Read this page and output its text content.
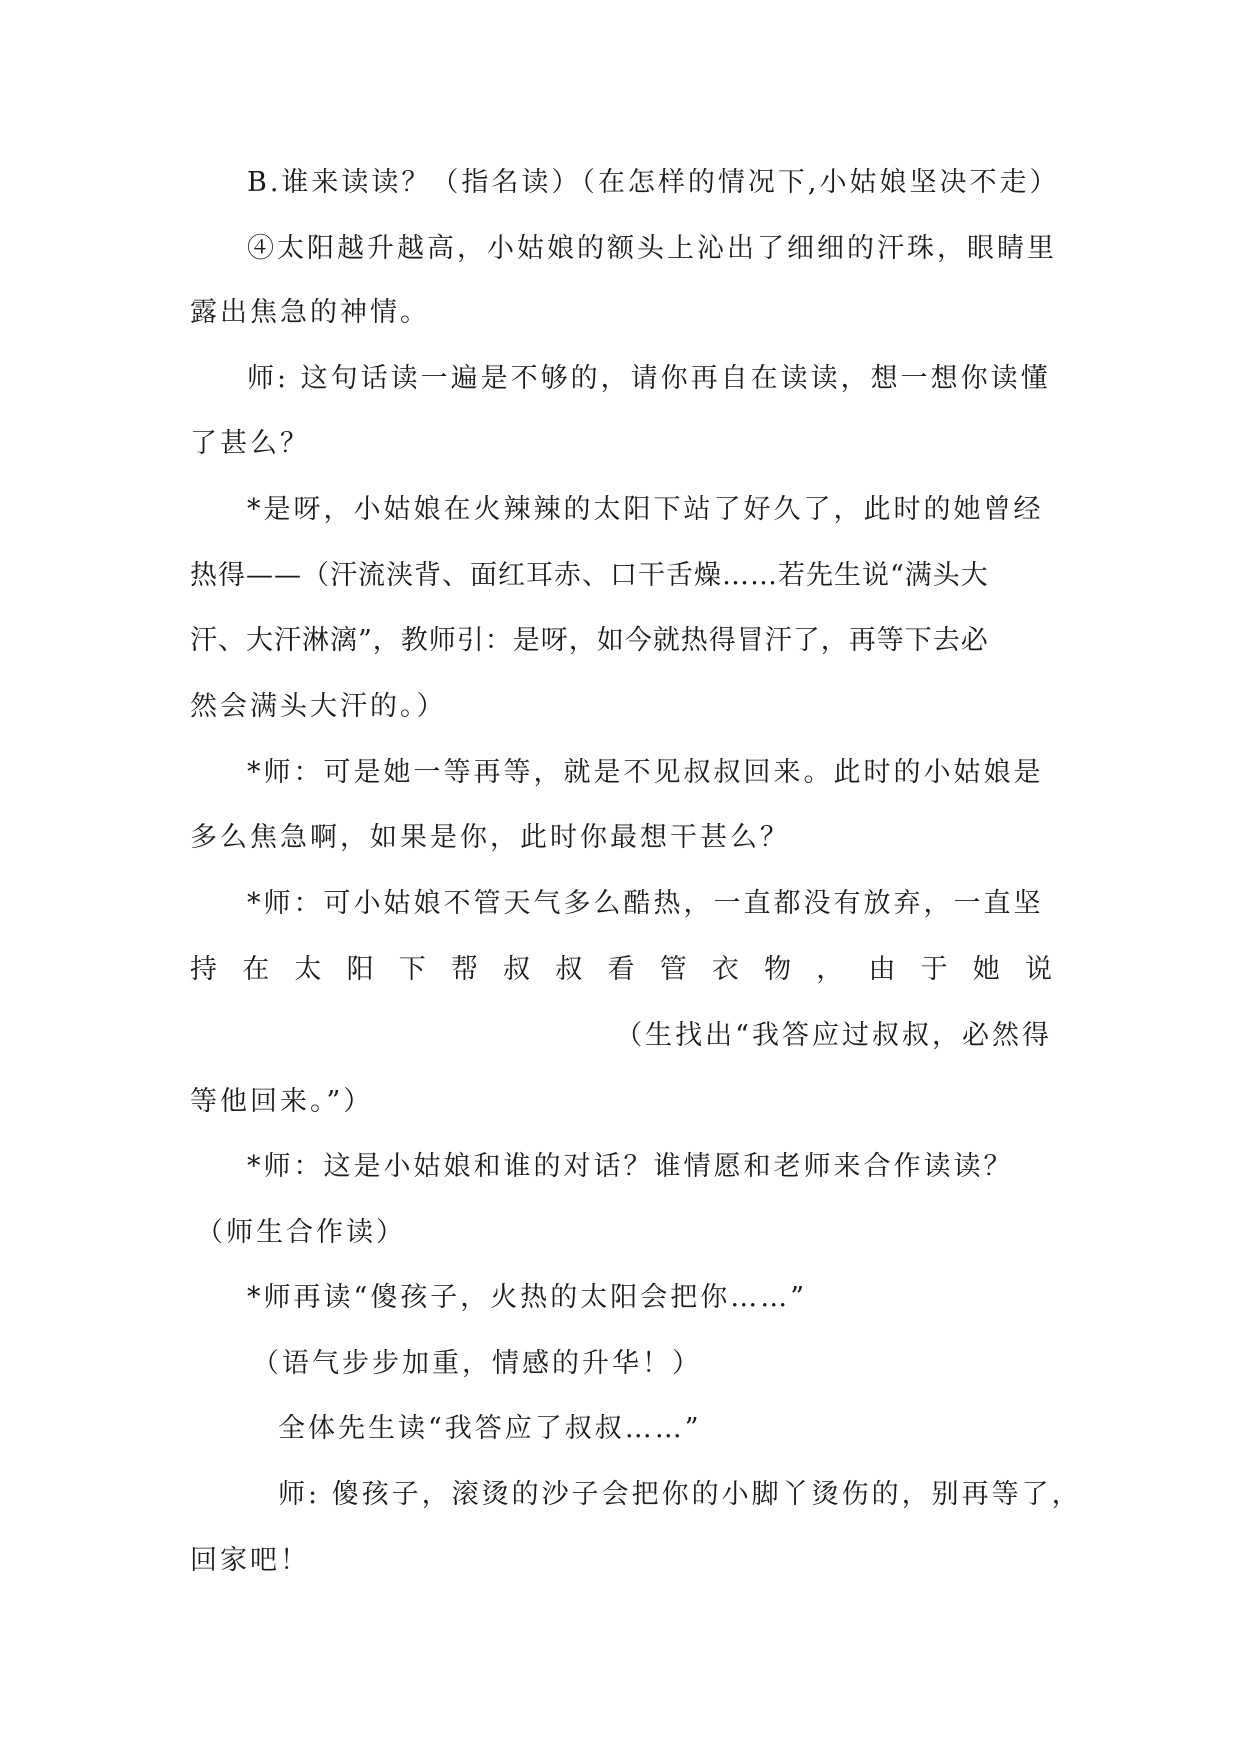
B.谁来读读？（指名读）（在怎样的情况下,小姑娘坚决不走）
④太阳越升越高，小姑娘的额头上沁出了细细的汗珠，眼睛里
露出焦急的神情。
师: 这句话读一遍是不够的，请你再自在读读，想一想你读懂
了甚么？
*是呀，小姑娘在火辣辣的太阳下站了好久了，此时的她曾经
热得——（汗流浃背、面红耳赤、口干舌燥……若先生说“满头大
汗、大汗淋漓”，教师引：是呀，如今就热得冒汗了，再等下去必
然会满头大汗的。）
*师：可是她一等再等，就是不见叔叔回来。此时的小姑娘是
多么焦急啊，如果是你，此时你最想干甚么？
*师：可小姑娘不管天气多么酷热，一直都没有放弃，一直坚
持 在 太 阳 下 帮 叔 叔 看 管 衣 物 ， 由 于 她 说
（生找出“我答应过叔叔，必然得
等他回来。”）
*师：这是小姑娘和谁的对话？谁情愿和老师来合作读读？
（师生合作读）
*师再读“傻孩子，火热的太阳会把你……”
（语气步步加重，情感的升华！）
全体先生读“我答应了叔叔……”
师: 傻孩子，滚烫的沙子会把你的小脚丫烫伤的，别再等了，
回家吧！
